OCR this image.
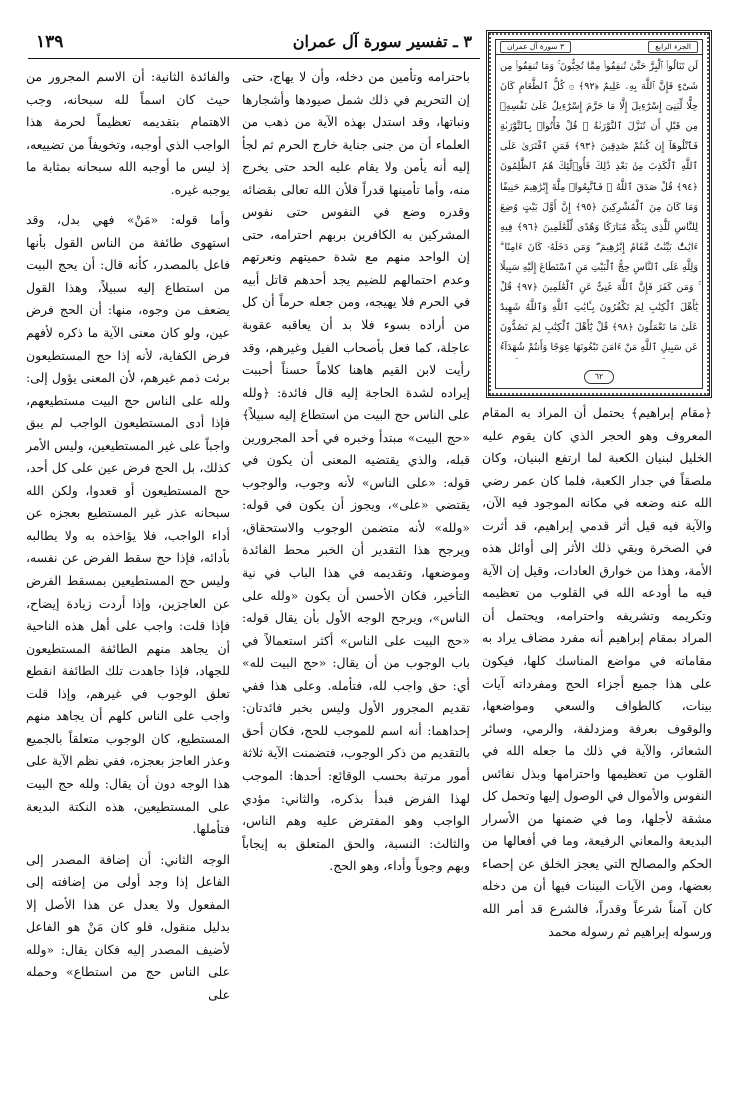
١٣٩	٣ ـ تفسير سورة آل عمران	الجزء الرابع
٣ سورة آل عمران
لَن تَنَالُوا۟ ٱلْبِرَّ حَتَّىٰ تُنفِقُوا۟ مِمَّا تُحِبُّونَ ۚ وَمَا تُنفِقُوا۟ مِن شَىْءٍ فَإِنَّ ٱللَّهَ بِهِۦ عَلِيمٌ ﴿٩٢﴾ ۞ كُلُّ ٱلطَّعَامِ كَانَ حِلًّا لِّبَنِىٓ إِسْرَٰٓءِيلَ إِلَّا مَا حَرَّمَ إِسْرَٰٓءِيلُ عَلَىٰ نَفْسِهِۦ مِن قَبْلِ أَن تُنَزَّلَ ٱلتَّوْرَىٰةُ ۗ قُلْ فَأْتُوا۟ بِٱلتَّوْرَىٰةِ فَٱتْلُوهَآ إِن كُنتُمْ صَٰدِقِينَ ﴿٩٣﴾ فَمَنِ ٱفْتَرَىٰ عَلَى ٱللَّهِ ٱلْكَذِبَ مِنۢ بَعْدِ ذَٰلِكَ فَأُو۟لَٰٓئِكَ هُمُ ٱلظَّٰلِمُونَ ﴿٩٤﴾ قُلْ صَدَقَ ٱللَّهُ ۗ فَٱتَّبِعُوا۟ مِلَّةَ إِبْرَٰهِيمَ حَنِيفًا وَمَا كَانَ مِنَ ٱلْمُشْرِكِينَ ﴿٩٥﴾ إِنَّ أَوَّلَ بَيْتٍ وُضِعَ لِلنَّاسِ لَلَّذِى بِبَكَّةَ مُبَارَكًا وَهُدًى لِّلْعَٰلَمِينَ ﴿٩٦﴾ فِيهِ ءَايَٰتٌۢ بَيِّنَٰتٌ مَّقَامُ إِبْرَٰهِيمَ ۖ وَمَن دَخَلَهُۥ كَانَ ءَامِنًا ۗ وَلِلَّهِ عَلَى ٱلنَّاسِ حِجُّ ٱلْبَيْتِ مَنِ ٱسْتَطَاعَ إِلَيْهِ سَبِيلًا ۚ وَمَن كَفَرَ فَإِنَّ ٱللَّهَ غَنِىٌّ عَنِ ٱلْعَٰلَمِينَ ﴿٩٧﴾ قُلْ يَٰٓأَهْلَ ٱلْكِتَٰبِ لِمَ تَكْفُرُونَ بِـَٔايَٰتِ ٱللَّهِ وَٱللَّهُ شَهِيدٌ عَلَىٰ مَا تَعْمَلُونَ ﴿٩٨﴾ قُلْ يَٰٓأَهْلَ ٱلْكِتَٰبِ لِمَ تَصُدُّونَ عَن سَبِيلِ ٱللَّهِ مَنْ ءَامَنَ تَبْغُونَهَا عِوَجًا وَأَنتُمْ شُهَدَآءُ
٦٢

﴿مقام إبراهيم﴾ يحتمل أن المراد به المقام المعروف وهو الحجر الذي كان يقوم عليه الخليل لبنيان الكعبة لما ارتفع البنيان، وكان ملصقاً في جدار الكعبة، فلما كان عمر رضي الله عنه وضعه في مكانه الموجود فيه الآن، والآية فيه قيل أثر قدمي إبراهيم، قد أثرت في الصخرة وبقي ذلك الأثر إلى أوائل هذه الأمة، وهذا من خوارق العادات، وقيل إن الآية فيه ما أودعه الله في القلوب من تعظيمه وتكريمه وتشريفه واحترامه، ويحتمل أن المراد بمقام إبراهيم أنه مفرد مضاف يراد به مقاماته في مواضع المناسك كلها، فيكون على هذا جميع أجزاء الحج ومفرداته آيات بينات، كالطواف والسعي ومواضعها، والوقوف بعرفة ومزدلفة، والرمي، وسائر الشعائر، والآية في ذلك ما جعله الله في القلوب من تعظيمها واحترامها وبذل نفائس النفوس والأموال في الوصول إليها وتحمل كل مشقة لأجلها، وما في ضمنها من الأسرار البديعة والمعاني الرفيعة، وما في أفعالها من الحكم والمصالح التي يعجز الخلق عن إحصاء بعضها، ومن الآيات البينات فيها أن من دخله كان آمناً شرعاً وقدراً، فالشرع قد أمر الله ورسوله إبراهيم ثم رسوله محمد

باحترامه وتأمين من دخله، وأن لا يهاج، حتى إن التحريم في ذلك شمل صيودها وأشجارها ونباتها، وقد استدل بهذه الآية من ذهب من العلماء أن من جنى جناية خارج الحرم ثم لجأ إليه أنه يأمن ولا يقام عليه الحد حتى يخرج منه، وأما تأمينها قدراً فلأن الله تعالى بقضائه وقدره وضع في النفوس حتى نفوس المشركين به الكافرين بربهم احترامه، حتى إن الواحد منهم مع شدة حميتهم ونعرتهم وعدم احتمالهم للضيم يجد أحدهم قاتل أبيه في الحرم فلا يهيجه، ومن جعله حرماً أن كل من أراده بسوء فلا بد أن يعاقبه عقوبة عاجلة، كما فعل بأصحاب الفيل وغيرهم، وقد رأيت لابن القيم هاهنا كلاماً حسناً أحببت إيراده لشدة الحاجة إليه قال فائدة: ﴿ولله على الناس حج البيت من استطاع إليه سبيلاً﴾ «حج البيت» مبتدأ وخبره في أحد المجرورين قبله، والذي يقتضيه المعنى أن يكون في قوله: «على الناس» لأنه وجوب، والوجوب يقتضي «على»، ويجوز أن يكون في قوله: «ولله» لأنه متضمن الوجوب والاستحقاق، ويرجح هذا التقدير أن الخبر محط الفائدة وموضعها، وتقديمه في هذا الباب في نية التأخير، فكان الأحسن أن يكون «ولله على الناس»، ويرجح الوجه الأول بأن يقال قوله: «حج البيت على الناس» أكثر استعمالاً في باب الوجوب من أن يقال: «حج البيت لله» أي: حق واجب لله، فتأمله. وعلى هذا ففي تقديم المجرور الأول وليس بخبر فائدتان: إحداهما: أنه اسم للموجب للحج، فكان أحق بالتقديم من ذكر الوجوب، فتضمنت الآية ثلاثة أمور مرتبة بحسب الوقائع: أحدها: الموجب لهذا الفرض فبدأ بذكره، والثاني: مؤدي الواجب وهو المفترض عليه وهم الناس، والثالث: النسبة، والحق المتعلق به إيجاباً وبهم وجوباً وأداء، وهو الحج.

والفائدة الثانية: أن الاسم المجرور من حيث كان اسماً لله سبحانه، وجب الاهتمام بتقديمه تعظيماً لحرمة هذا الواجب الذي أوجبه، وتخويفاً من تضييعه، إذ ليس ما أوجبه الله سبحانه بمثابة ما يوجبه غيره.

وأما قوله: «مَنْ» فهي بدل، وقد استهوى طائفة من الناس القول بأنها فاعل بالمصدر، كأنه قال: أن يحج البيت من استطاع إليه سبيلاً، وهذا القول يضعف من وجوه، منها: أن الحج فرض عين، ولو كان معنى الآية ما ذكره لأفهم فرض الكفاية، لأنه إذا حج المستطيعون برئت ذمم غيرهم، لأن المعنى يؤول إلى: ولله على الناس حج البيت مستطيعهم، فإذا أدى المستطيعون الواجب لم يبق واجباً على غير المستطيعين، وليس الأمر كذلك، بل الحج فرض عين على كل أحد، حج المستطيعون أو قعدوا، ولكن الله سبحانه عذر غير المستطيع بعجزه عن أداء الواجب، فلا يؤاخذه به ولا يطالبه بأدائه، فإذا حج سقط الفرض عن نفسه، وليس حج المستطيعين بمسقط الفرض عن العاجزين، وإذا أردت زيادة إيضاح، فإذا قلت: واجب على أهل هذه الناحية أن يجاهد منهم الطائفة المستطيعون للجهاد، فإذا جاهدت تلك الطائفة انقطع تعلق الوجوب في غيرهم، وإذا قلت واجب على الناس كلهم أن يجاهد منهم المستطيع، كان الوجوب متعلقاً بالجميع وعذر العاجز بعجزه، ففي نظم الآية على هذا الوجه دون أن يقال: ولله حج البيت على المستطيعين، هذه النكتة البديعة فتأملها.

الوجه الثاني: أن إضافة المصدر إلى الفاعل إذا وجد أولى من إضافته إلى المفعول ولا يعدل عن هذا الأصل إلا بدليل منقول، فلو كان مَنْ هو الفاعل لأضيف المصدر إليه فكان يقال: «ولله على الناس حج من استطاع» وحمله على
